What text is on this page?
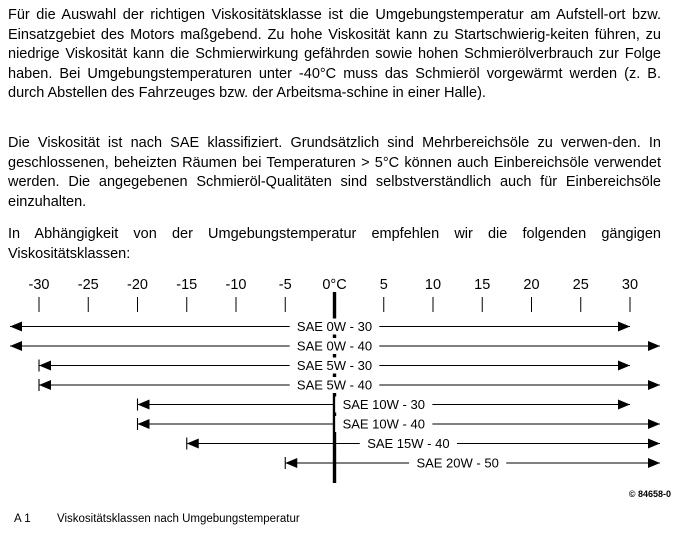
Für die Auswahl der richtigen Viskositätsklasse ist die Umgebungstemperatur am Aufstell-ort bzw. Einsatzgebiet des Motors maßgebend. Zu hohe Viskosität kann zu Startschwierig-keiten führen, zu niedrige Viskosität kann die Schmierwirkung gefährden sowie hohen Schmierölverbrauch zur Folge haben. Bei Umgebungstemperaturen unter -40°C muss das Schmieröl vorgewärmt werden (z. B. durch Abstellen des Fahrzeuges bzw. der Arbeitsma-schine in einer Halle).

Die Viskosität ist nach SAE klassifiziert. Grundsätzlich sind Mehrbereichsöle zu verwen-den. In geschlossenen, beheizten Räumen bei Temperaturen > 5°C können auch Einbereichsöle verwendet werden. Die angegebenen Schmieröl-Qualitäten sind selbstverständlich auch für Einbereichsöle einzuhalten.

In Abhängigkeit von der Umgebungstemperatur empfehlen wir die folgenden gängigen Viskositätsklassen:

-30 -25 -20 -15 -10 -5 0°C 5	10 15 20 25 30
SAE 0W - 30
SAE 0W - 40
SAE 5W - 30
SAE 5W - 40
SAE 10W - 30
SAE 10W - 40
SAE 15W - 40
SAE 20W - 50
© 84658-0
A 1 Viskositätsklassen nach Umgebungstemperatur
